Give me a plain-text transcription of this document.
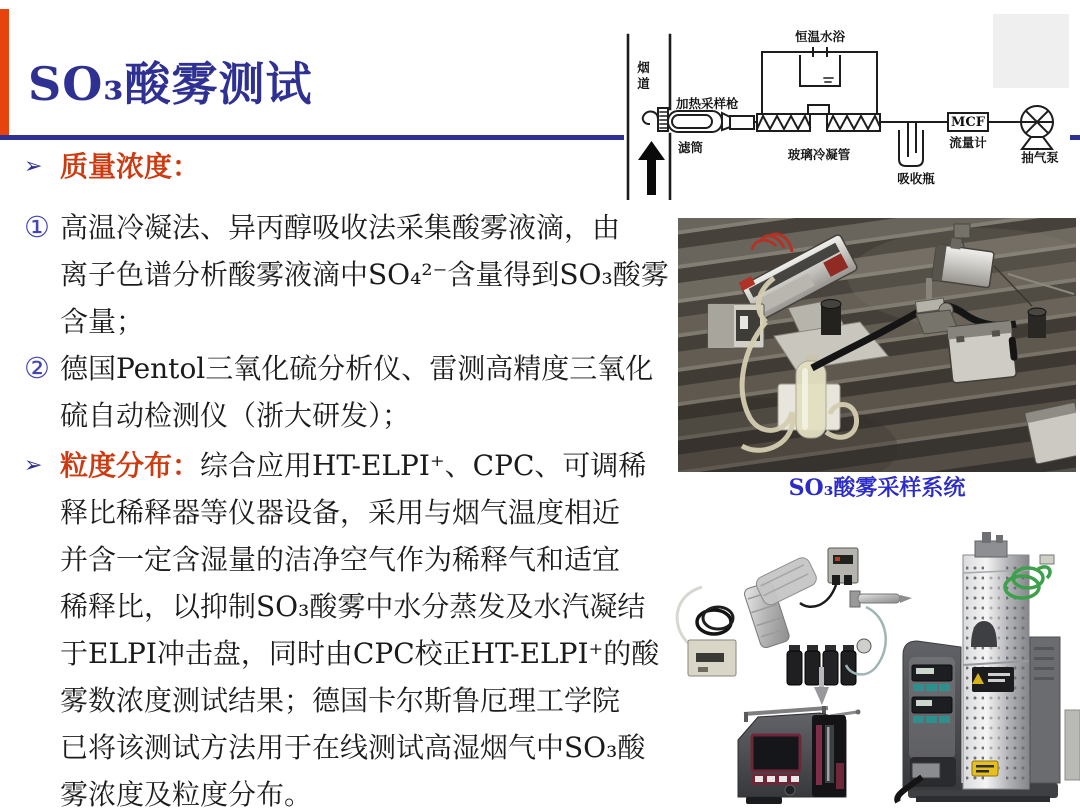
SO₃酸雾测试
➢ 质量浓度：
① 高温冷凝法、异丙醇吸收法采集酸雾液滴，由
离子色谱分析酸雾液滴中SO₄²⁻含量得到SO₃酸雾
含量；
② 德国Pentol三氧化硫分析仪、雷测高精度三氧化
硫自动检测仪（浙大研发）；
➢ 粒度分布：综合应用HT-ELPI⁺、CPC、可调稀
释比稀释器等仪器设备，采用与烟气温度相近
并含一定含湿量的洁净空气作为稀释气和适宜
稀释比，以抑制SO₃酸雾中水分蒸发及水汽凝结
于ELPI冲击盘，同时由CPC校正HT-ELPI⁺的酸
雾数浓度测试结果；德国卡尔斯鲁厄理工学院
已将该测试方法用于在线测试高湿烟气中SO₃酸
雾浓度及粒度分布。
烟道
加热采样枪
滤筒
恒温水浴
玻璃冷凝管
吸收瓶
MCF
流量计
抽气泵
SO₃酸雾采样系统
